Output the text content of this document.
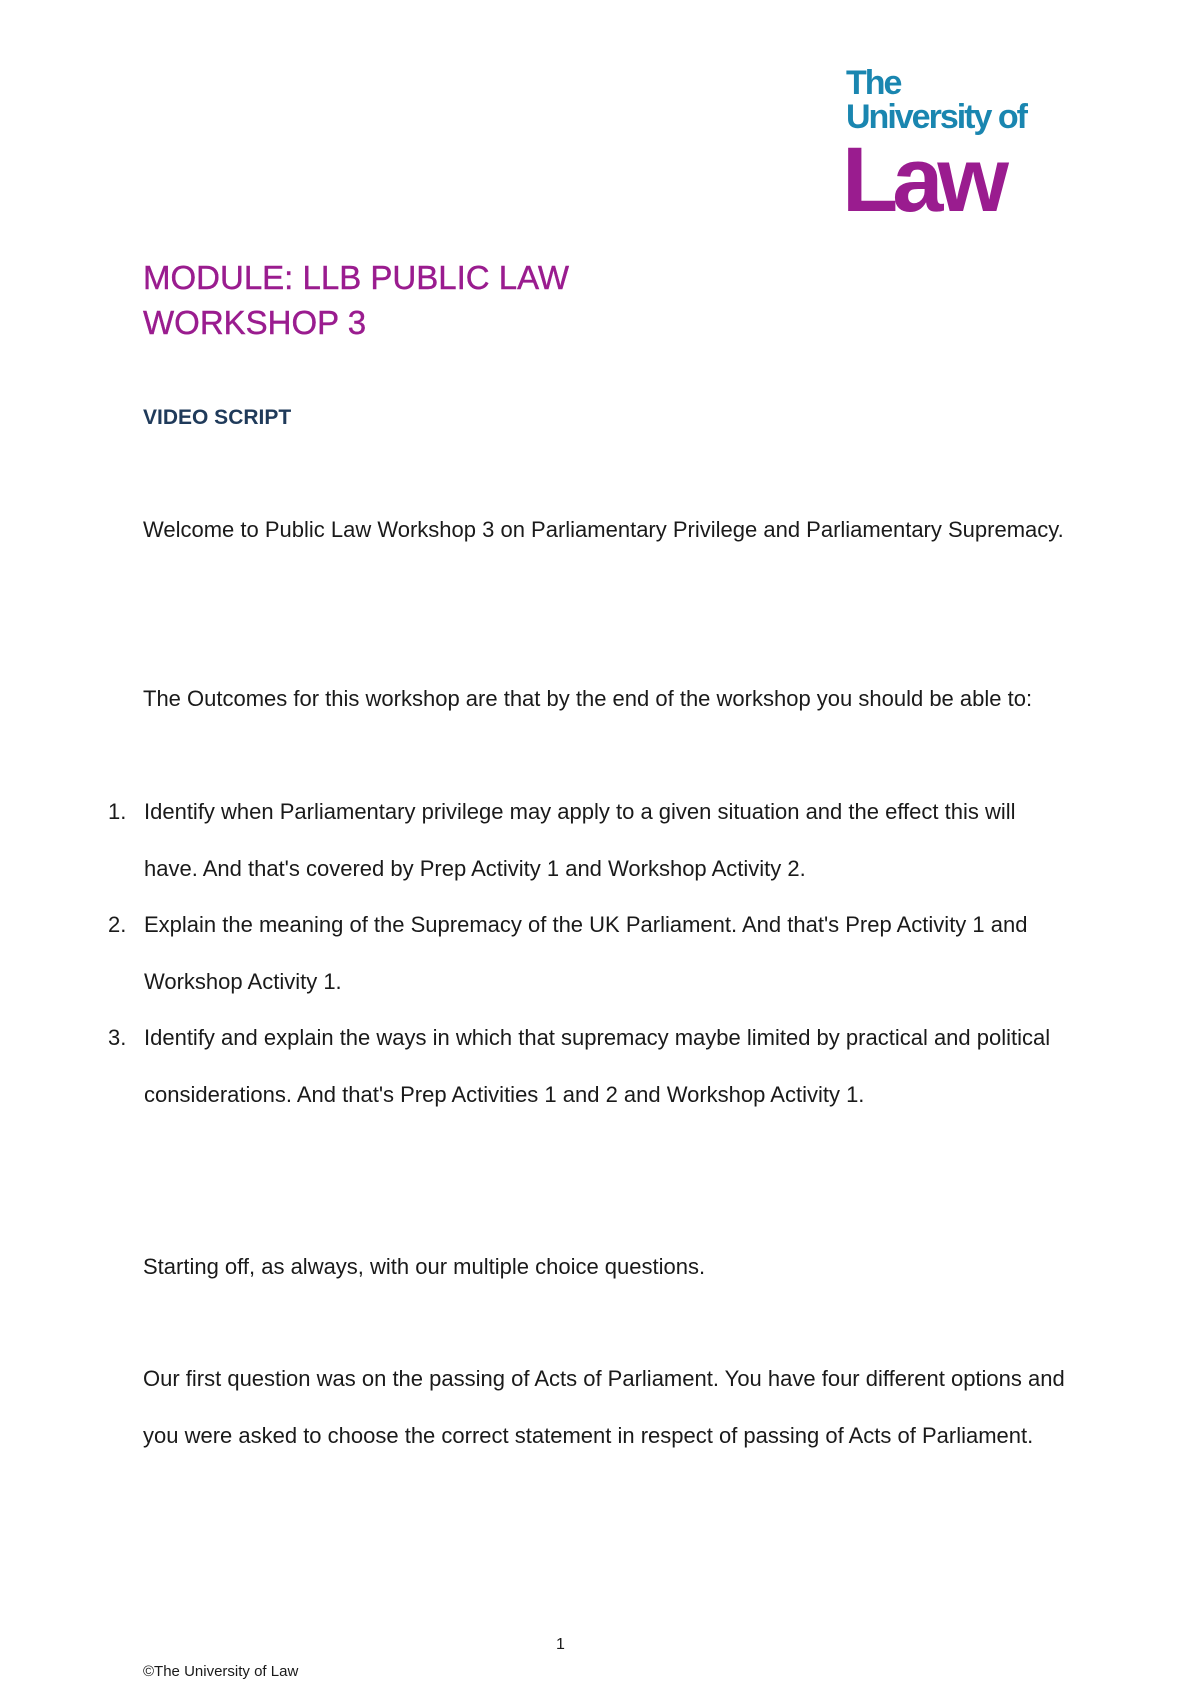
The
University of
Law
MODULE: LLB PUBLIC LAW
WORKSHOP 3
VIDEO SCRIPT

Welcome to Public Law Workshop 3 on Parliamentary Privilege and Parliamentary Supremacy.

The Outcomes for this workshop are that by the end of the workshop you should be able to:

1. Identify when Parliamentary privilege may apply to a given situation and the effect this will have. And that's covered by Prep Activity 1 and Workshop Activity 2.
2. Explain the meaning of the Supremacy of the UK Parliament. And that's Prep Activity 1 and Workshop Activity 1.
3. Identify and explain the ways in which that supremacy maybe limited by practical and political considerations. And that's Prep Activities 1 and 2 and Workshop Activity 1.

Starting off, as always, with our multiple choice questions.

Our first question was on the passing of Acts of Parliament. You have four different options and you were asked to choose the correct statement in respect of passing of Acts of Parliament.

1
©The University of Law
